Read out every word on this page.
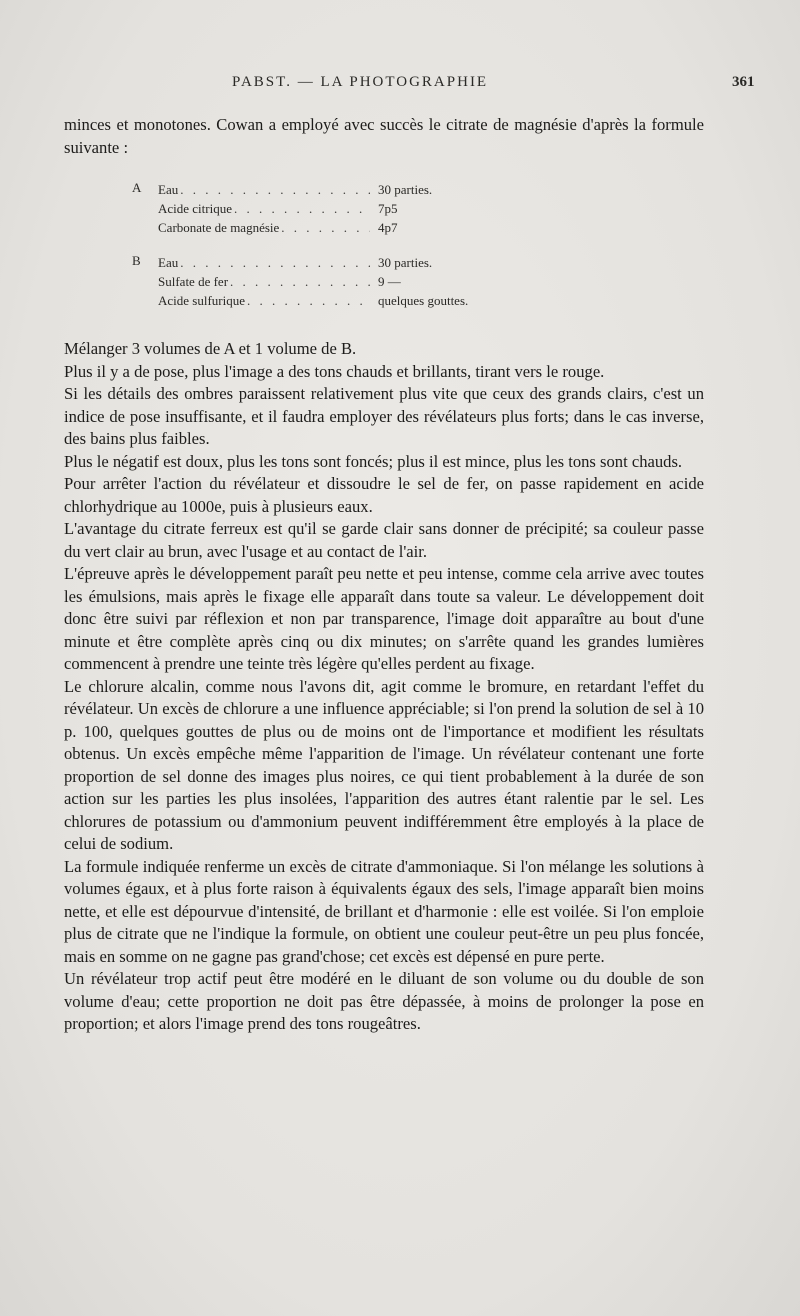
PABST. — LA PHOTOGRAPHIE	361

minces et monotones. Cowan a employé avec succès le citrate de magnésie d'après la formule suivante :

A Eau . . .	30 parties.
Acide citrique . . .	7p5
Carbonate de magnésie . . .	4p7
B Eau . . .	30 parties.
Sulfate de fer . . .	9 —
Acide sulfurique . . .	quelques gouttes.

Mélanger 3 volumes de A et 1 volume de B.

Plus il y a de pose, plus l'image a des tons chauds et brillants, tirant vers le rouge.

Si les détails des ombres paraissent relativement plus vite que ceux des grands clairs, c'est un indice de pose insuffisante, et il faudra employer des révélateurs plus forts; dans le cas inverse, des bains plus faibles.

Plus le négatif est doux, plus les tons sont foncés; plus il est mince, plus les tons sont chauds.

Pour arrêter l'action du révélateur et dissoudre le sel de fer, on passe rapidement en acide chlorhydrique au 1000e, puis à plusieurs eaux.

L'avantage du citrate ferreux est qu'il se garde clair sans donner de précipité; sa couleur passe du vert clair au brun, avec l'usage et au contact de l'air.

L'épreuve après le développement paraît peu nette et peu intense, comme cela arrive avec toutes les émulsions, mais après le fixage elle apparaît dans toute sa valeur. Le développement doit donc être suivi par réflexion et non par transparence, l'image doit apparaître au bout d'une minute et être complète après cinq ou dix minutes; on s'arrête quand les grandes lumières commencent à prendre une teinte très légère qu'elles perdent au fixage.

Le chlorure alcalin, comme nous l'avons dit, agit comme le bromure, en retardant l'effet du révélateur. Un excès de chlorure a une influence appréciable; si l'on prend la solution de sel à 10 p. 100, quelques gouttes de plus ou de moins ont de l'importance et modifient les résultats obtenus. Un excès empêche même l'apparition de l'image. Un révélateur contenant une forte proportion de sel donne des images plus noires, ce qui tient probablement à la durée de son action sur les parties les plus insolées, l'apparition des autres étant ralentie par le sel. Les chlorures de potassium ou d'ammonium peuvent indifféremment être employés à la place de celui de sodium.

La formule indiquée renferme un excès de citrate d'ammoniaque. Si l'on mélange les solutions à volumes égaux, et à plus forte raison à équivalents égaux des sels, l'image apparaît bien moins nette, et elle est dépourvue d'intensité, de brillant et d'harmonie : elle est voilée. Si l'on emploie plus de citrate que ne l'indique la formule, on obtient une couleur peut-être un peu plus foncée, mais en somme on ne gagne pas grand'chose; cet excès est dépensé en pure perte.

Un révélateur trop actif peut être modéré en le diluant de son volume ou du double de son volume d'eau; cette proportion ne doit pas être dépassée, à moins de prolonger la pose en proportion; et alors l'image prend des tons rougeâtres.
